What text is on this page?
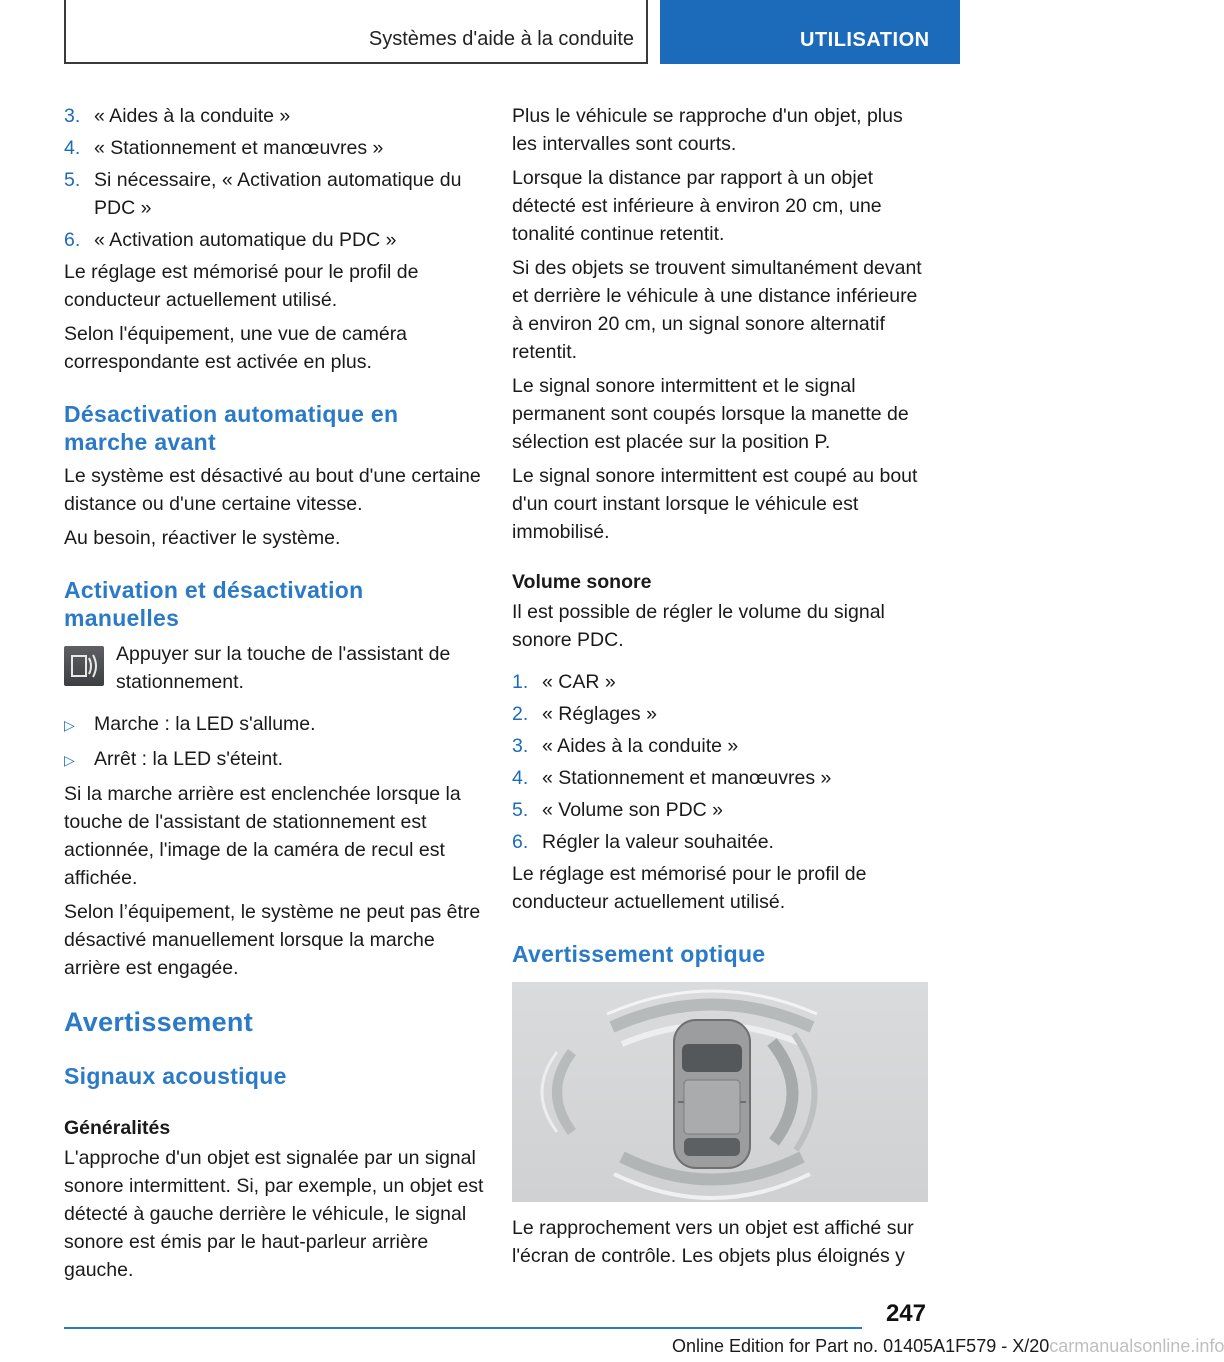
Systèmes d'aide à la conduite	UTILISATION
3. « Aides à la conduite »
4. « Stationnement et manœuvres »
5. Si nécessaire, « Activation automatique du PDC »
6. « Activation automatique du PDC »

Le réglage est mémorisé pour le profil de conducteur actuellement utilisé.

Selon l'équipement, une vue de caméra correspondante est activée en plus.

Désactivation automatique en marche avant

Le système est désactivé au bout d'une certaine distance ou d'une certaine vitesse.

Au besoin, réactiver le système.

Activation et désactivation manuelles
Appuyer sur la touche de l'assistant de stationnement.
▷ Marche : la LED s'allume.
▷ Arrêt : la LED s'éteint.

Si la marche arrière est enclenchée lorsque la touche de l'assistant de stationnement est actionnée, l'image de la caméra de recul est affichée.

Selon l’équipement, le système ne peut pas être désactivé manuellement lorsque la marche arrière est engagée.

Avertissement
Signaux acoustique
Généralités

L'approche d'un objet est signalée par un signal sonore intermittent. Si, par exemple, un objet est détecté à gauche derrière le véhicule, le signal sonore est émis par le haut-parleur arrière gauche.

Plus le véhicule se rapproche d'un objet, plus les intervalles sont courts.

Lorsque la distance par rapport à un objet détecté est inférieure à environ 20 cm, une tonalité continue retentit.

Si des objets se trouvent simultanément devant et derrière le véhicule à une distance inférieure à environ 20 cm, un signal sonore alternatif retentit.

Le signal sonore intermittent et le signal permanent sont coupés lorsque la manette de sélection est placée sur la position P.

Le signal sonore intermittent est coupé au bout d'un court instant lorsque le véhicule est immobilisé.

Volume sonore

Il est possible de régler le volume du signal sonore PDC.

1. « CAR »
2. « Réglages »
3. « Aides à la conduite »
4. « Stationnement et manœuvres »
5. « Volume son PDC »
6. Régler la valeur souhaitée.

Le réglage est mémorisé pour le profil de conducteur actuellement utilisé.

Avertissement optique

Le rapprochement vers un objet est affiché sur l'écran de contrôle. Les objets plus éloignés y

247
Online Edition for Part no. 01405A1F579 - X/20carmanualsonline.info
